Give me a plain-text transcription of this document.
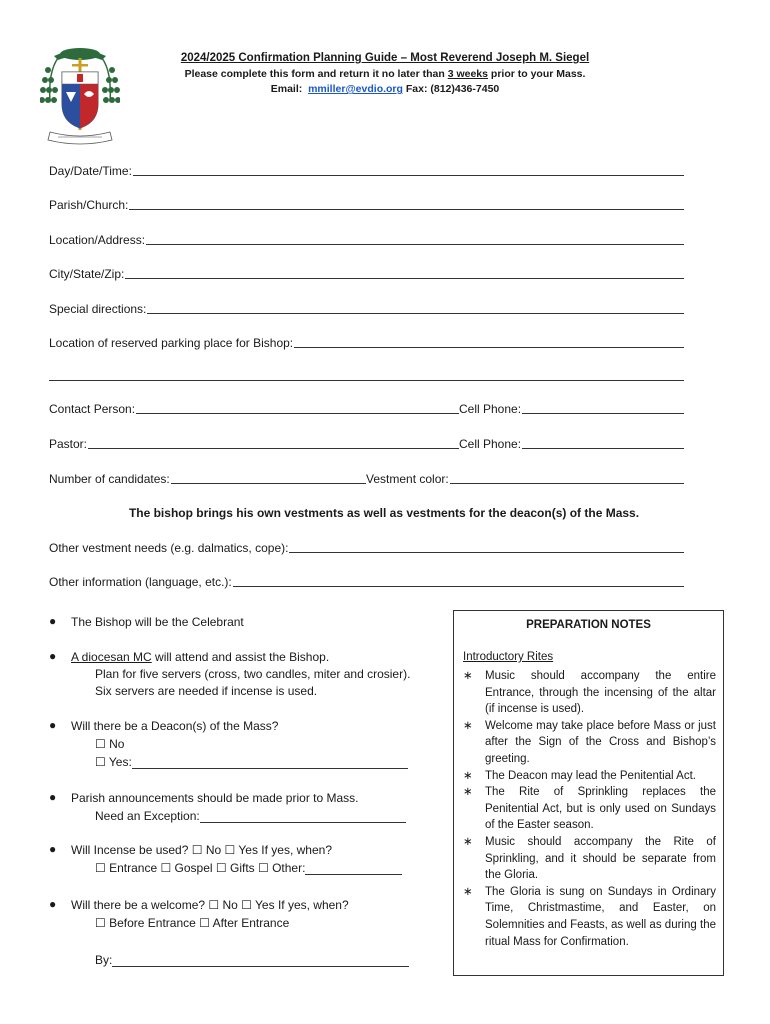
2024/2025 Confirmation Planning Guide – Most Reverend Joseph M. Siegel
Please complete this form and return it no later than 3 weeks prior to your Mass.
Email: mmiller@evdio.org Fax: (812)436-7450
Day/Date/Time:
Parish/Church:
Location/Address:
City/State/Zip:
Special directions:
Location of reserved parking place for Bishop:
Contact Person:	Cell Phone:
Pastor:	Cell Phone:
Number of candidates:	Vestment color:
The bishop brings his own vestments as well as vestments for the deacon(s) of the Mass.
Other vestment needs (e.g. dalmatics, cope):
Other information (language, etc.):
● The Bishop will be the Celebrant
● A diocesan MC will attend and assist the Bishop.
Plan for five servers (cross, two candles, miter and crosier).
Six servers are needed if incense is used.
● Will there be a Deacon(s) of the Mass?
☐ No
☐ Yes:
● Parish announcements should be made prior to Mass.
Need an Exception:
● Will Incense be used? ☐ No ☐ Yes If yes, when?
☐ Entrance ☐ Gospel ☐ Gifts ☐ Other:
● Will there be a welcome? ☐ No ☐ Yes If yes, when?
☐ Before Entrance ☐ After Entrance
By:
PREPARATION NOTES
Introductory Rites
∗ Music should accompany the entire Entrance, through the incensing of the altar (if incense is used).
∗ Welcome may take place before Mass or just after the Sign of the Cross and Bishop’s greeting.
∗ The Deacon may lead the Penitential Act.
∗ The Rite of Sprinkling replaces the Penitential Act, but is only used on Sundays of the Easter season.
∗ Music should accompany the Rite of Sprinkling, and it should be separate from the Gloria.
∗ The Gloria is sung on Sundays in Ordinary Time, Christmastime, and Easter, on Solemnities and Feasts, as well as during the ritual Mass for Confirmation.
